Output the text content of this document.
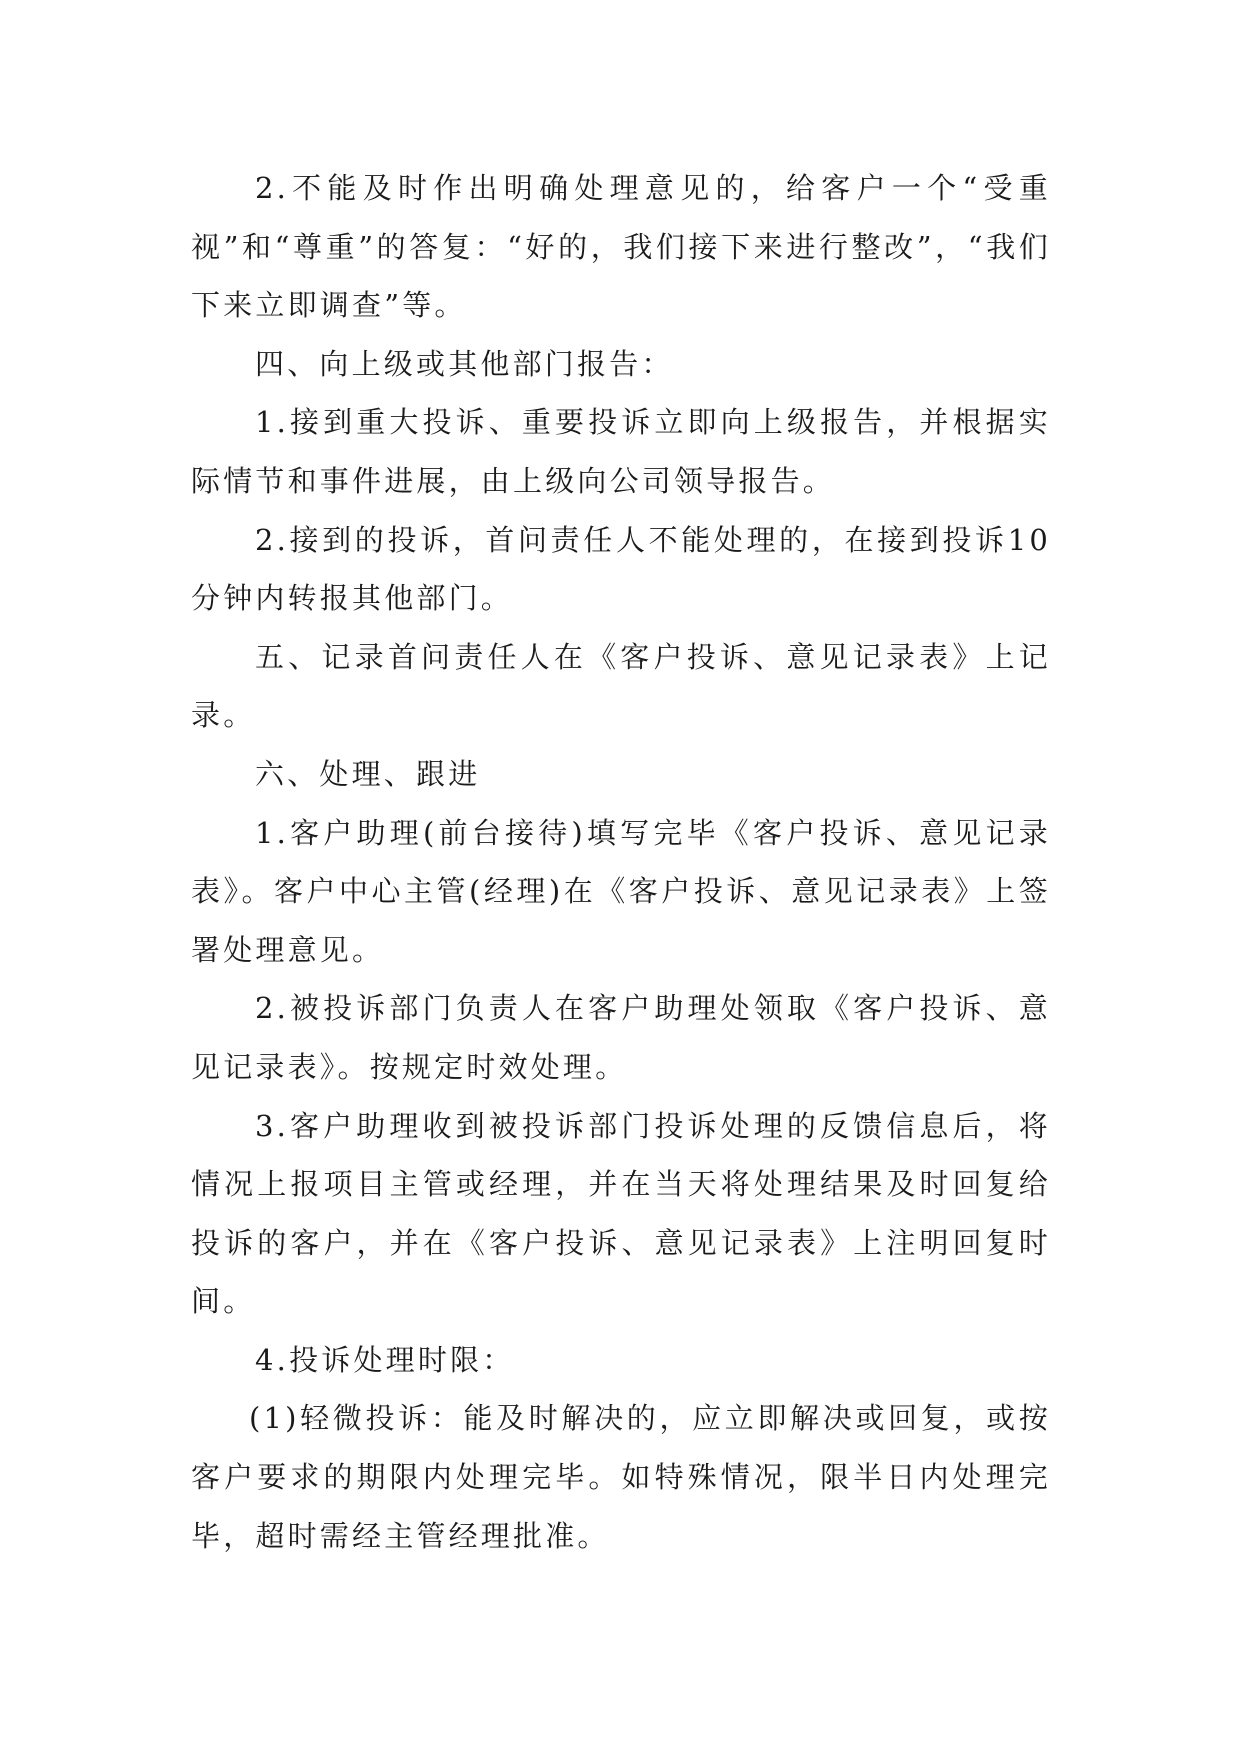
2.不能及时作出明确处理意见的，给客户一个“受重视”和“尊重”的答复：“好的，我们接下来进行整改”，“我们下来立即调查”等。

四、向上级或其他部门报告：

1.接到重大投诉、重要投诉立即向上级报告，并根据实际情节和事件进展，由上级向公司领导报告。

2.接到的投诉，首问责任人不能处理的，在接到投诉10分钟内转报其他部门。

五、记录首问责任人在《客户投诉、意见记录表》上记录。

六、处理、跟进

1.客户助理(前台接待)填写完毕《客户投诉、意见记录表》。客户中心主管(经理)在《客户投诉、意见记录表》上签署处理意见。

2.被投诉部门负责人在客户助理处领取《客户投诉、意见记录表》。按规定时效处理。

3.客户助理收到被投诉部门投诉处理的反馈信息后，将情况上报项目主管或经理，并在当天将处理结果及时回复给投诉的客户，并在《客户投诉、意见记录表》上注明回复时间。

4.投诉处理时限：

(1)轻微投诉：能及时解决的，应立即解决或回复，或按客户要求的期限内处理完毕。如特殊情况，限半日内处理完毕，超时需经主管经理批准。
